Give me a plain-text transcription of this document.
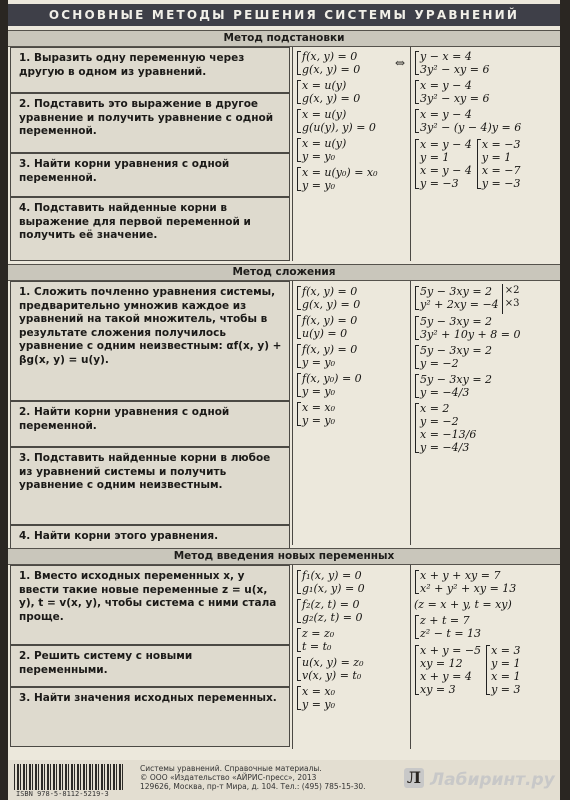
ОСНОВНЫЕ МЕТОДЫ РЕШЕНИЯ СИСТЕМЫ УРАВНЕНИЙ
Метод подстановки
1. Выразить одну переменную через другую в одном из уравнений.
2. Подставить это выражение в другое уравнение и получить уравнение с одной переменной.
3. Найти корни уравнения с одной переменной.
4. Подставить найденные корни в выражение для первой переменной и получить её значение.
f(x, y) = 0
g(x, y) = 0	⇔
x = u(y)
g(x, y) = 0
x = u(y)
g(u(y), y) = 0
x = u(y)
y = y₀
x = u(y₀) = x₀
y = y₀
y − x = 4
3y² − xy = 6
x = y − 4
3y² − xy = 6
x = y − 4
3y² − (y − 4)y = 6
x = y − 4
y = 1
x = y − 4
y = −3
x = −3
y = 1
x = −7
y = −3
Метод сложения
1. Сложить почленно уравнения системы, предварительно умножив каждое из уравнений на такой множитель, чтобы в результате сложения получилось уравнение с одним неизвестным: αf(x, y) + βg(x, y) = u(y).
2. Найти корни уравнения с одной переменной.
3. Подставить найденные корни в любое из уравнений системы и получить уравнение с одним неизвестным.
4. Найти корни этого уравнения.
f(x, y) = 0
g(x, y) = 0
f(x, y) = 0
u(y) = 0
f(x, y) = 0
y = y₀
f(x, y₀) = 0
y = y₀
x = x₀
y = y₀
5y − 3xy = 2
y² + 2xy = −4
×2
×3
5y − 3xy = 2
3y² + 10y + 8 = 0
5y − 3xy = 2
y = −2
5y − 3xy = 2
y = −4/3
x = 2
y = −2
x = −13/6
y = −4/3
Метод введения новых переменных
1. Вместо исходных переменных x, y ввести такие новые переменные z = u(x, y), t = v(x, y), чтобы система с ними стала проще.
2. Решить систему с новыми переменными.
3. Найти значения исходных переменных.
f₁(x, y) = 0
g₁(x, y) = 0
f₂(z, t) = 0
g₂(z, t) = 0
z = z₀
t = t₀
u(x, y) = z₀
v(x, y) = t₀
x = x₀
y = y₀
x + y + xy = 7
x² + y² + xy = 13
(z = x + y, t = xy)
z + t = 7
z² − t = 13
x + y = −5
xy = 12
x + y = 4
xy = 3
x = 3
y = 1
x = 1
y = 3
ISBN 978-5-8112-5219-3
Системы уравнений. Справочные материалы.
© ООО «Издательство «АЙРИС-пресс», 2013
129626, Москва, пр-т Мира, д. 104. Тел.: (495) 785-15-30.	Л Лабиринт.ру
